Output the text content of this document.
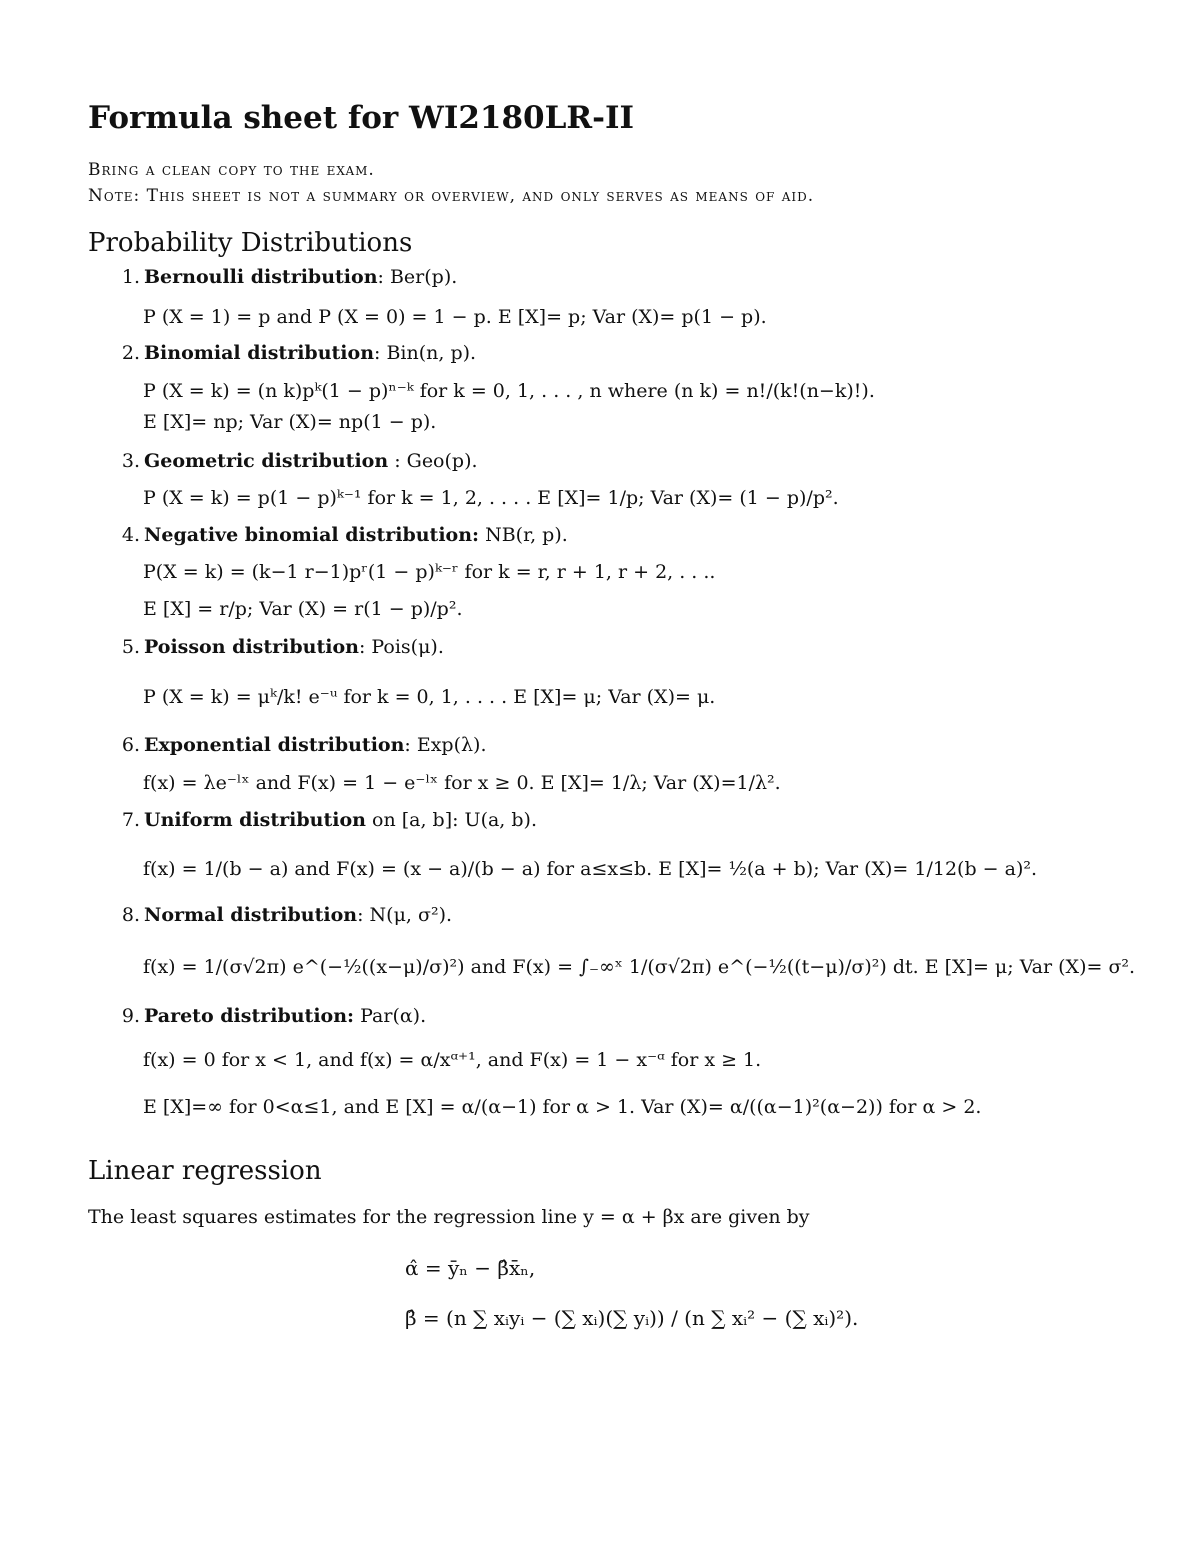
Formula sheet for WI2180LR-II

Bring a clean copy to the exam.

Note: This sheet is not a summary or overview, and only serves as means of aid.

Probability Distributions

1. Bernoulli distribution: Ber(p).

P (X = 1) = p and P (X = 0) = 1 − p. E [X]= p; Var (X)= p(1 − p).

2. Binomial distribution: Bin(n, p).

P (X = k) = (n k)pᵏ(1 − p)ⁿ⁻ᵏ for k = 0, 1, . . . , n where (n k) = n!/(k!(n−k)!).

E [X]= np; Var (X)= np(1 − p).

3. Geometric distribution : Geo(p).

P (X = k) = p(1 − p)ᵏ⁻¹ for k = 1, 2, . . . . E [X]= 1/p; Var (X)= (1 − p)/p².

4. Negative binomial distribution: NB(r, p).

P(X = k) = (k−1 r−1)pʳ(1 − p)ᵏ⁻ʳ for k = r, r + 1, r + 2, . . ..

E [X] = r/p; Var (X) = r(1 − p)/p².

5. Poisson distribution: Pois(μ).

P (X = k) = μᵏ/k! e⁻ᵘ for k = 0, 1, . . . . E [X]= μ; Var (X)= μ.

6. Exponential distribution: Exp(λ).

f(x) = λe⁻ˡˣ and F(x) = 1 − e⁻ˡˣ for x ≥ 0. E [X]= 1/λ; Var (X)=1/λ².

7. Uniform distribution on [a, b]: U(a, b).

f(x) = 1/(b − a) and F(x) = (x − a)/(b − a) for a≤x≤b. E [X]= ½(a + b); Var (X)= 1/12(b − a)².

8. Normal distribution: N(μ, σ²).

f(x) = 1/(σ√2π) e^(−½((x−μ)/σ)²) and F(x) = ∫₋∞ˣ 1/(σ√2π) e^(−½((t−μ)/σ)²) dt. E [X]= μ; Var (X)= σ².

9. Pareto distribution: Par(α).

f(x) = 0 for x < 1, and f(x) = α/xᵅ⁺¹, and F(x) = 1 − x⁻ᵅ for x ≥ 1.

E [X]=∞ for 0<α≤1, and E [X] = α/(α−1) for α > 1. Var (X)= α/((α−1)²(α−2)) for α > 2.

Linear regression

The least squares estimates for the regression line y = α + βx are given by

α̂ = ȳₙ − β̂x̄ₙ,

β̂ = (n ∑ xᵢyᵢ − (∑ xᵢ)(∑ yᵢ)) / (n ∑ xᵢ² − (∑ xᵢ)²).
